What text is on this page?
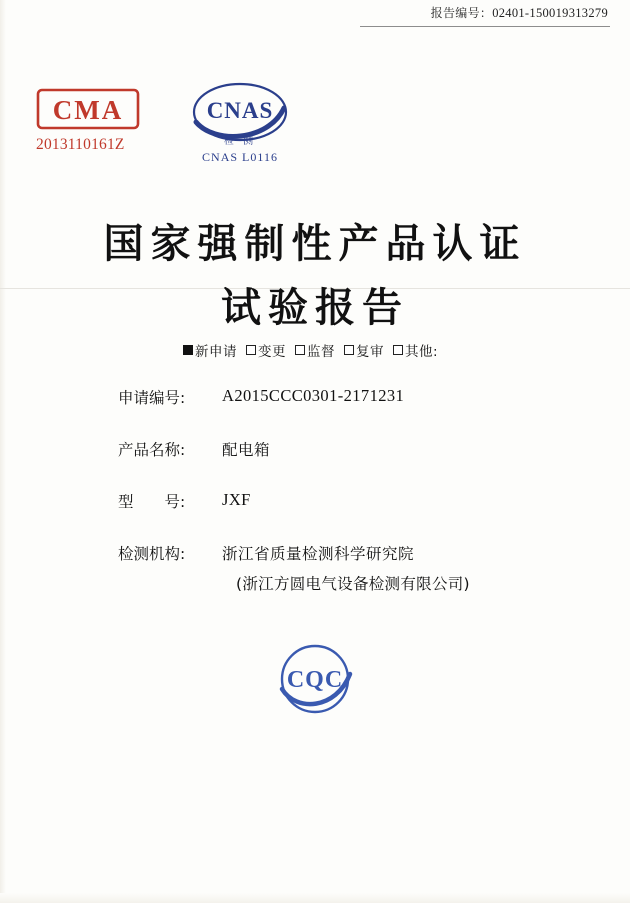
报告编号：02401-150019313279
CMA
2013110161Z
CNAS
检 测
CNAS L0116
国家强制性产品认证
试验报告
新申请 变更 监督 复审 其他:
申请编号:	A2015CCC0301-2171231
产品名称:	配电箱
型　　号:	JXF
检测机构:	浙江省质量检测科学研究院
(浙江方圆电气设备检测有限公司)
CQC
